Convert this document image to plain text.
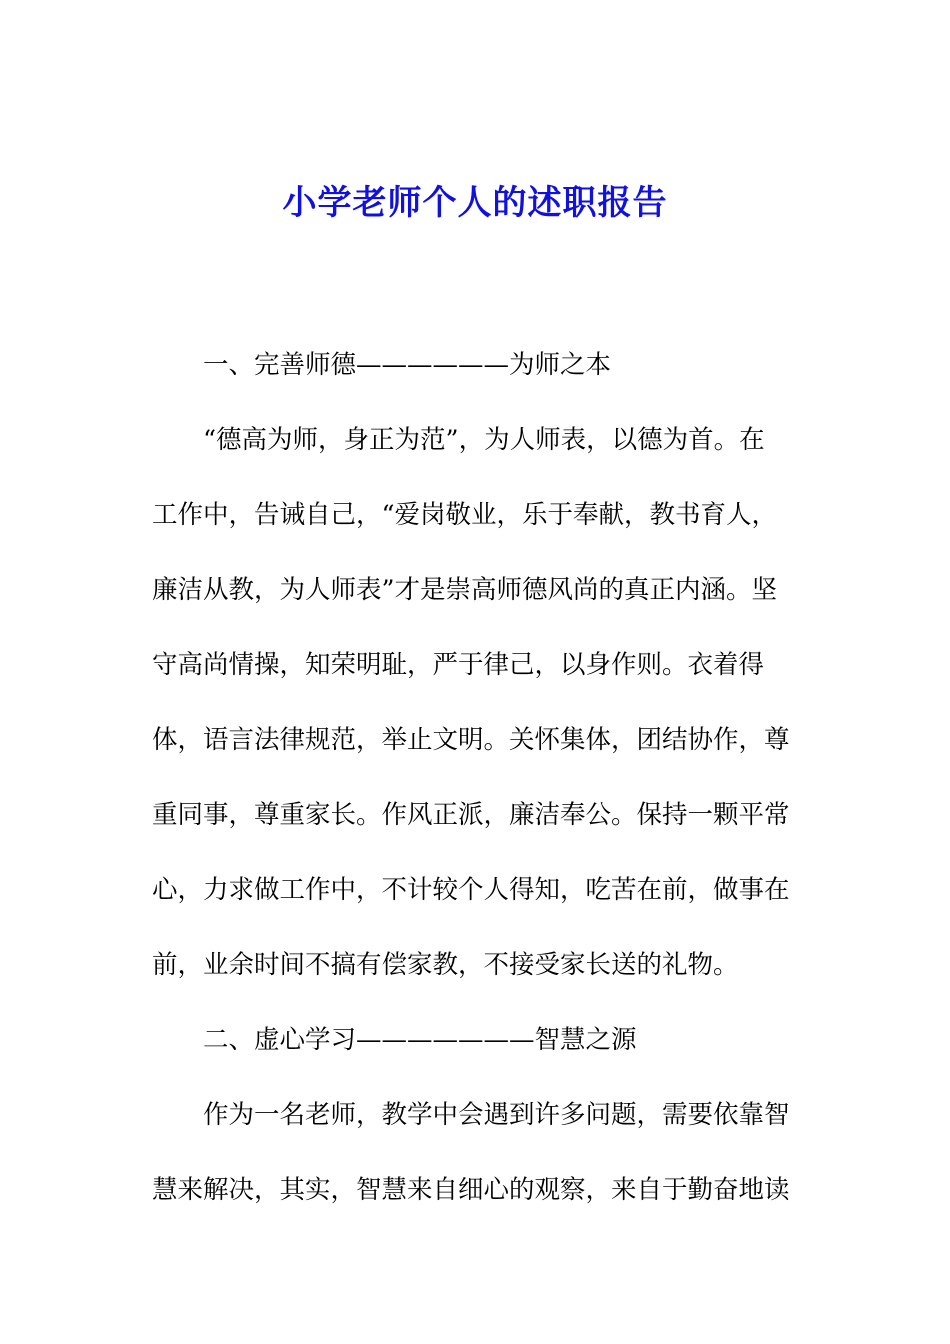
小学老师个人的述职报告
一、完善师德——————为师之本
“德高为师，身正为范”，为人师表，以德为首。在
工作中，告诫自己，“爱岗敬业，乐于奉献，教书育人，
廉洁从教，为人师表”才是崇高师德风尚的真正内涵。坚
守高尚情操，知荣明耻，严于律己，以身作则。衣着得
体，语言法律规范，举止文明。关怀集体，团结协作，尊
重同事，尊重家长。作风正派，廉洁奉公。保持一颗平常
心，力求做工作中，不计较个人得知，吃苦在前，做事在
前，业余时间不搞有偿家教，不接受家长送的礼物。
二、虚心学习———————智慧之源
作为一名老师，教学中会遇到许多问题，需要依靠智
慧来解决，其实，智慧来自细心的观察，来自于勤奋地读
